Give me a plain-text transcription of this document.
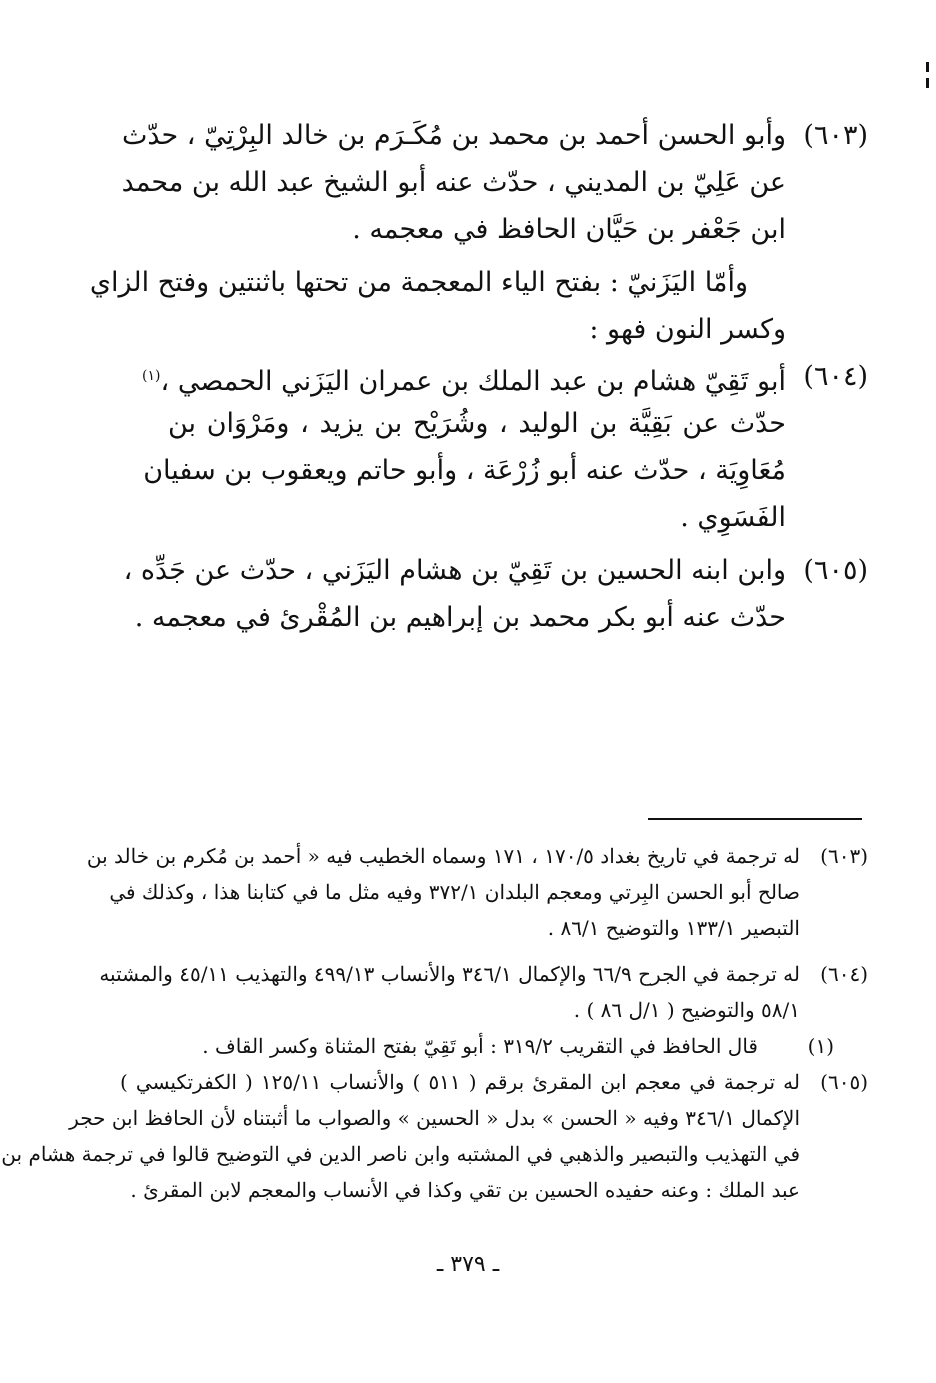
(٦٠٣)
وأبو الحسن أحمد بن محمد بن مُكَـرَم بن خالد البِرْتِيّ ، حدّث
عن عَلِيّ بن المديني ، حدّث عنه أبو الشيخ عبد الله بن محمد
ابن جَعْفر بن حَيَّان الحافظ في معجمه .
وأمّا اليَزَنيّ : بفتح الياء المعجمة من تحتها باثنتين وفتح الزاي
وكسر النون فهو :
(٦٠٤)
أبو تَقِيّ هشام بن عبد الملك بن عمران اليَزَني الحمصي ،$^{(١)}$
حدّث عن بَقِيَّة بن الوليد ، وشُرَيْح بن يزيد ، ومَرْوَان بن
مُعَاوِيَة ، حدّث عنه أبو زُرْعَة ، وأبو حاتم ويعقوب بن سفيان
الفَسَوِي .
(٦٠٥)
وابن ابنه الحسين بن تَقِيّ بن هشام اليَزَني ، حدّث عن جَدِّه ،
حدّث عنه أبو بكر محمد بن إبراهيم بن المُقْرئ في معجمه .
(٦٠٣)
له ترجمة في تاريخ بغداد ١٧٠/٥ ، ١٧١ وسماه الخطيب فيه « أحمد بن مُكرم بن خالد بن
صالح أبو الحسن البِرتي ومعجم البلدان ٣٧٢/١ وفيه مثل ما في كتابنا هذا ، وكذلك في
التبصير ١٣٣/١ والتوضيح ٨٦/١ .
(٦٠٤)
له ترجمة في الجرح ٦٦/٩ والإكمال ٣٤٦/١ والأنساب ٤٩٩/١٣ والتهذيب ٤٥/١١ والمشتبه
٥٨/١ والتوضيح ( ١/ل ٨٦ ) .
(١)
قال الحافظ في التقريب ٣١٩/٢ : أبو تَقِيّ بفتح المثناة وكسر القاف .
(٦٠٥)
له ترجمة في معجم ابن المقرئ برقم ( ٥١١ ) والأنساب ١٢٥/١١ ( الكفرتكيسي )
الإكمال ٣٤٦/١ وفيه « الحسن » بدل « الحسين » والصواب ما أثبتناه لأن الحافظ ابن حجر
في التهذيب والتبصير والذهبي في المشتبه وابن ناصر الدين في التوضيح قالوا في ترجمة هشام بن
عبد الملك : وعنه حفيده الحسين بن تقي وكذا في الأنساب والمعجم لابن المقرئ .
ـ ٣٧٩ ـ
